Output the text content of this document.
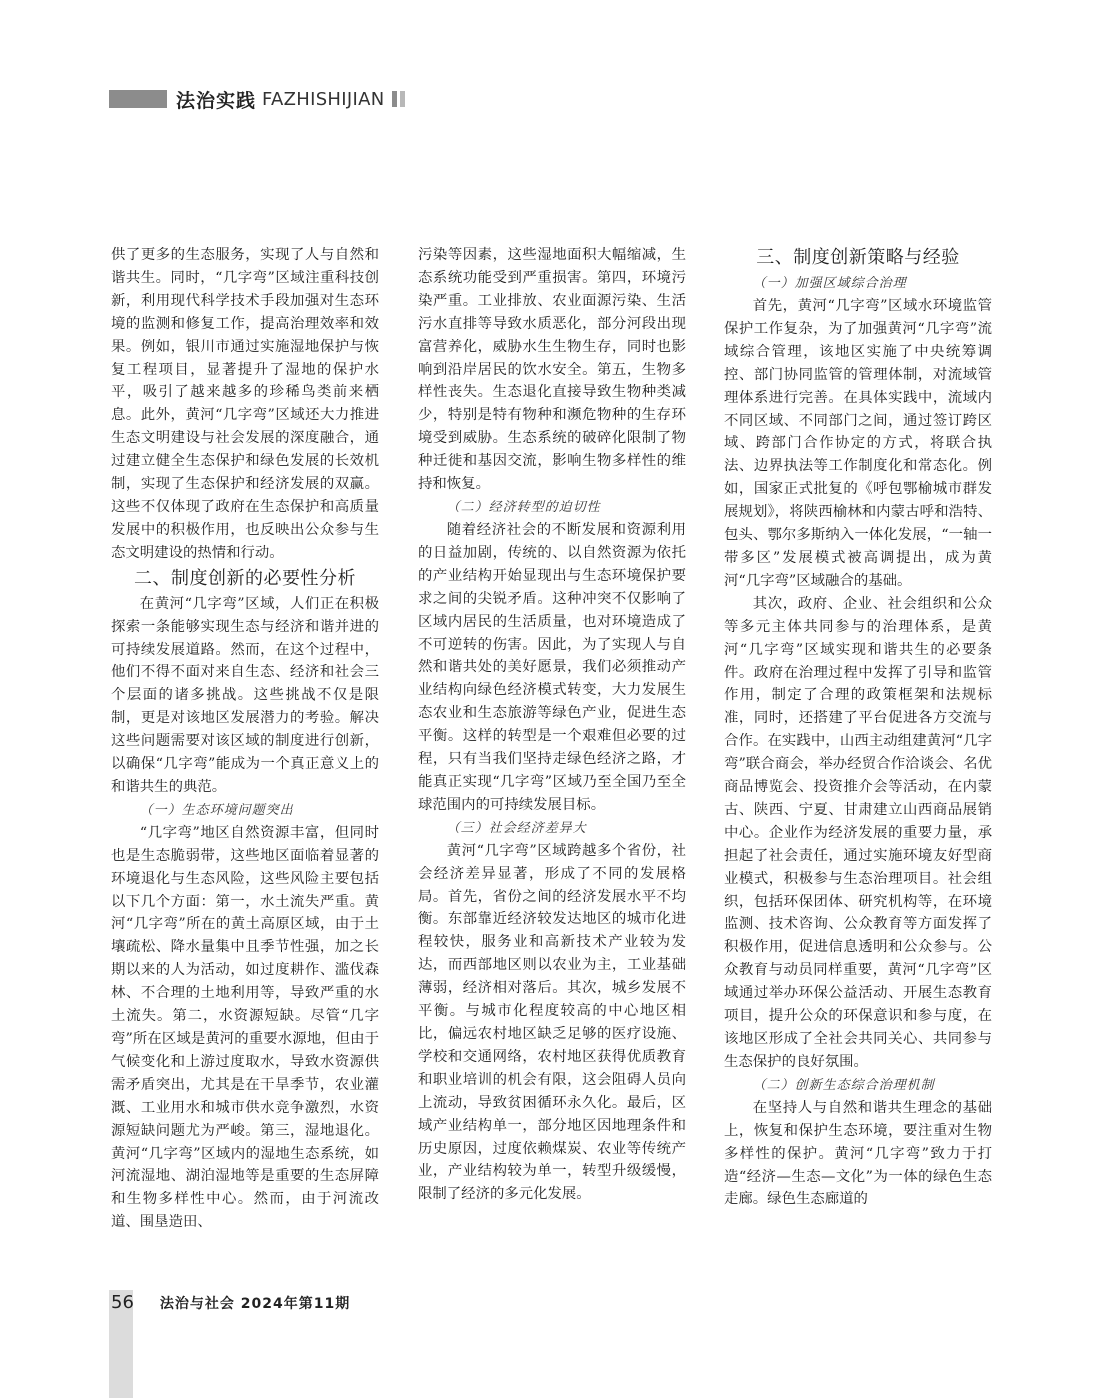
法治实践 FAZHISHIJIAN

供了更多的生态服务，实现了人与自然和谐共生。同时，“几字弯”区域注重科技创新，利用现代科学技术手段加强对生态环境的监测和修复工作，提高治理效率和效果。例如，银川市通过实施湿地保护与恢复工程项目，显著提升了湿地的保护水平，吸引了越来越多的珍稀鸟类前来栖息。此外，黄河“几字弯”区域还大力推进生态文明建设与社会发展的深度融合，通过建立健全生态保护和绿色发展的长效机制，实现了生态保护和经济发展的双赢。这些不仅体现了政府在生态保护和高质量发展中的积极作用，也反映出公众参与生态文明建设的热情和行动。

二、制度创新的必要性分析

在黄河“几字弯”区域，人们正在积极探索一条能够实现生态与经济和谐并进的可持续发展道路。然而，在这个过程中，他们不得不面对来自生态、经济和社会三个层面的诸多挑战。这些挑战不仅是限制，更是对该地区发展潜力的考验。解决这些问题需要对该区域的制度进行创新，以确保“几字弯”能成为一个真正意义上的和谐共生的典范。

（一）生态环境问题突出

“几字弯”地区自然资源丰富，但同时也是生态脆弱带，这些地区面临着显著的环境退化与生态风险，这些风险主要包括以下几个方面：第一，水土流失严重。黄河“几字弯”所在的黄土高原区域，由于土壤疏松、降水量集中且季节性强，加之长期以来的人为活动，如过度耕作、滥伐森林、不合理的土地利用等，导致严重的水土流失。第二，水资源短缺。尽管“几字弯”所在区域是黄河的重要水源地，但由于气候变化和上游过度取水，导致水资源供需矛盾突出，尤其是在干旱季节，农业灌溉、工业用水和城市供水竞争激烈，水资源短缺问题尤为严峻。第三，湿地退化。黄河“几字弯”区域内的湿地生态系统，如河流湿地、湖泊湿地等是重要的生态屏障和生物多样性中心。然而，由于河流改道、围垦造田、

污染等因素，这些湿地面积大幅缩减，生态系统功能受到严重损害。第四，环境污染严重。工业排放、农业面源污染、生活污水直排等导致水质恶化，部分河段出现富营养化，威胁水生生物生存，同时也影响到沿岸居民的饮水安全。第五，生物多样性丧失。生态退化直接导致生物种类减少，特别是特有物种和濒危物种的生存环境受到威胁。生态系统的破碎化限制了物种迁徙和基因交流，影响生物多样性的维持和恢复。

（二）经济转型的迫切性

随着经济社会的不断发展和资源利用的日益加剧，传统的、以自然资源为依托的产业结构开始显现出与生态环境保护要求之间的尖锐矛盾。这种冲突不仅影响了区域内居民的生活质量，也对环境造成了不可逆转的伤害。因此，为了实现人与自然和谐共处的美好愿景，我们必须推动产业结构向绿色经济模式转变，大力发展生态农业和生态旅游等绿色产业，促进生态平衡。这样的转型是一个艰难但必要的过程，只有当我们坚持走绿色经济之路，才能真正实现“几字弯”区域乃至全国乃至全球范围内的可持续发展目标。

（三）社会经济差异大

黄河“几字弯”区域跨越多个省份，社会经济差异显著，形成了不同的发展格局。首先，省份之间的经济发展水平不均衡。东部靠近经济较发达地区的城市化进程较快，服务业和高新技术产业较为发达，而西部地区则以农业为主，工业基础薄弱，经济相对落后。其次，城乡发展不平衡。与城市化程度较高的中心地区相比，偏远农村地区缺乏足够的医疗设施、学校和交通网络，农村地区获得优质教育和职业培训的机会有限，这会阻碍人员向上流动，导致贫困循环永久化。最后，区域产业结构单一，部分地区因地理条件和历史原因，过度依赖煤炭、农业等传统产业，产业结构较为单一，转型升级缓慢，限制了经济的多元化发展。

三、制度创新策略与经验
（一）加强区域综合治理

首先，黄河“几字弯”区域水环境监管保护工作复杂，为了加强黄河“几字弯”流域综合管理，该地区实施了中央统筹调控、部门协同监管的管理体制，对流域管理体系进行完善。在具体实践中，流域内不同区域、不同部门之间，通过签订跨区域、跨部门合作协定的方式，将联合执法、边界执法等工作制度化和常态化。例如，国家正式批复的《呼包鄂榆城市群发展规划》，将陕西榆林和内蒙古呼和浩特、包头、鄂尔多斯纳入一体化发展，“一轴一带多区”发展模式被高调提出，成为黄河“几字弯”区域融合的基础。

其次，政府、企业、社会组织和公众等多元主体共同参与的治理体系，是黄河“几字弯”区域实现和谐共生的必要条件。政府在治理过程中发挥了引导和监管作用，制定了合理的政策框架和法规标准，同时，还搭建了平台促进各方交流与合作。在实践中，山西主动组建黄河“几字弯”联合商会，举办经贸合作洽谈会、名优商品博览会、投资推介会等活动，在内蒙古、陕西、宁夏、甘肃建立山西商品展销中心。企业作为经济发展的重要力量，承担起了社会责任，通过实施环境友好型商业模式，积极参与生态治理项目。社会组织，包括环保团体、研究机构等，在环境监测、技术咨询、公众教育等方面发挥了积极作用，促进信息透明和公众参与。公众教育与动员同样重要，黄河“几字弯”区域通过举办环保公益活动、开展生态教育项目，提升公众的环保意识和参与度，在该地区形成了全社会共同关心、共同参与生态保护的良好氛围。

（二）创新生态综合治理机制

在坚持人与自然和谐共生理念的基础上，恢复和保护生态环境，要注重对生物多样性的保护。黄河“几字弯”致力于打造“经济—生态—文化”为一体的绿色生态走廊。绿色生态廊道的

56 法治与社会 2024年第11期
